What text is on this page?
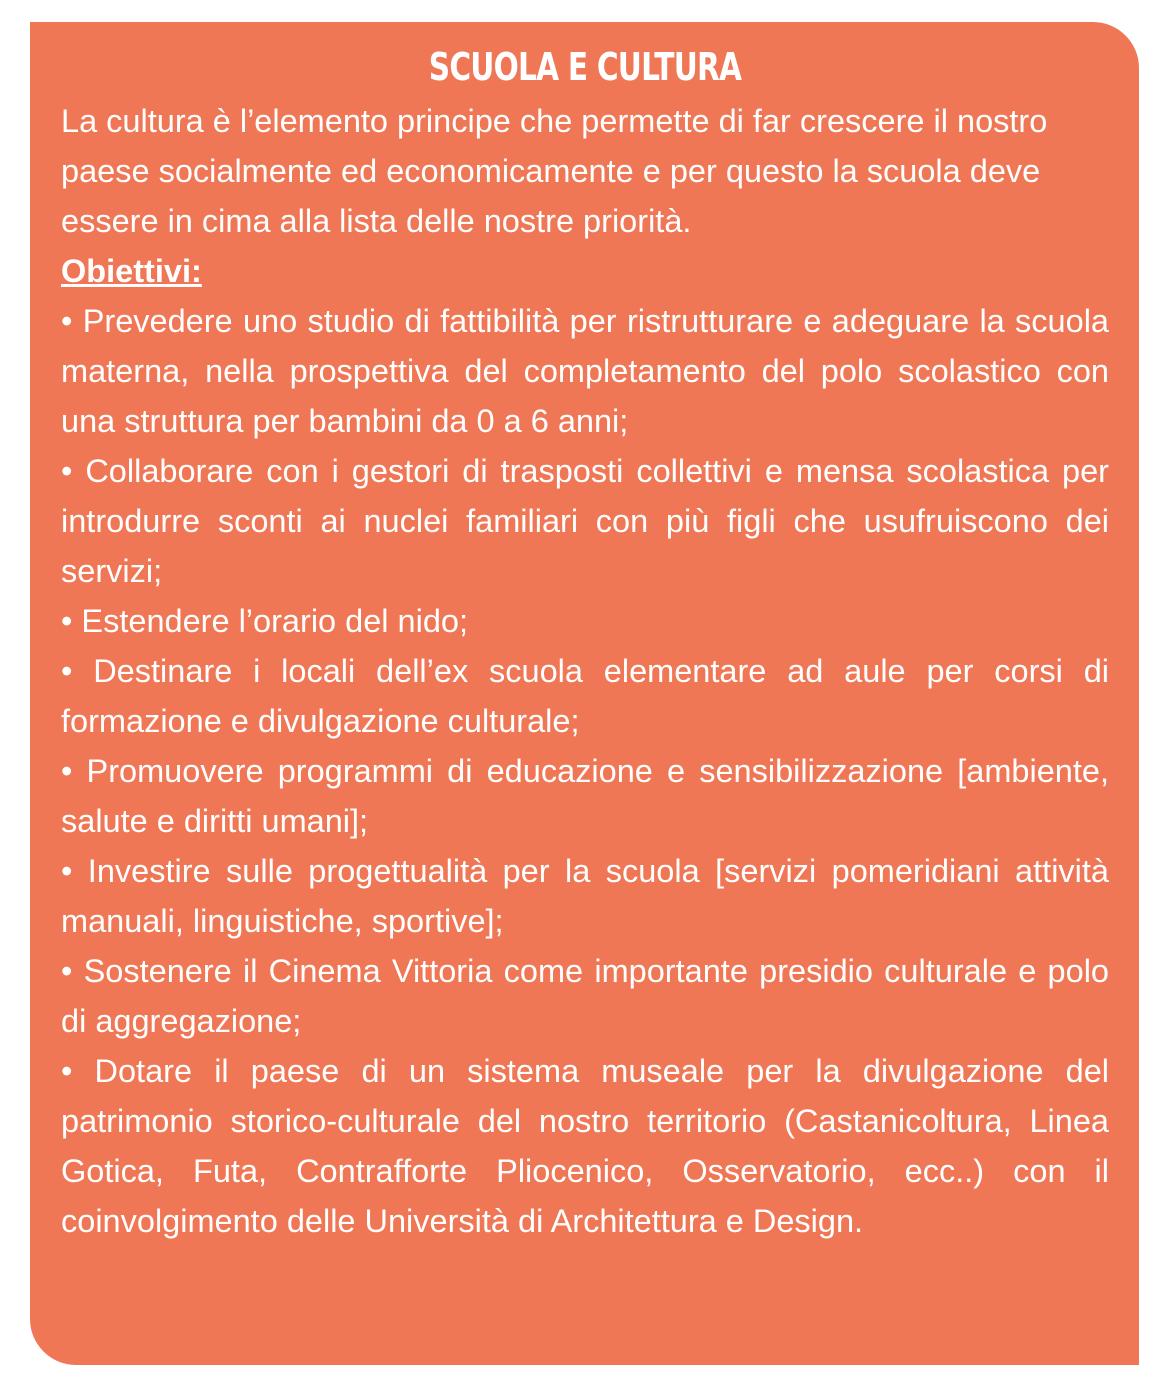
SCUOLA E CULTURA

La cultura è l’elemento principe che permette di far crescere il nostro paese socialmente ed economicamente e per questo la scuola deve essere in cima alla lista delle nostre priorità.

Obiettivi:
• Prevedere uno studio di fattibilità per ristrutturare e adeguare la scuola materna, nella prospettiva del completamento del polo scolastico con una struttura per bambini da 0 a 6 anni;
• Collaborare con i gestori di trasposti collettivi e mensa scolastica per introdurre sconti ai nuclei familiari con più figli che usufruiscono dei servizi;
• Estendere l’orario del nido;
• Destinare i locali dell’ex scuola elementare ad aule per corsi di formazione e divulgazione culturale;
• Promuovere programmi di educazione e sensibilizzazione [ambiente, salute e diritti umani];
• Investire sulle progettualità per la scuola [servizi pomeridiani attività manuali, linguistiche, sportive];
• Sostenere il Cinema Vittoria come importante presidio culturale e polo di aggregazione;
• Dotare il paese di un sistema museale per la divulgazione del patrimonio storico-culturale del nostro territorio (Castanicoltura, Linea Gotica, Futa, Contrafforte Pliocenico, Osservatorio, ecc..) con il coinvolgimento delle Università di Architettura e Design.
